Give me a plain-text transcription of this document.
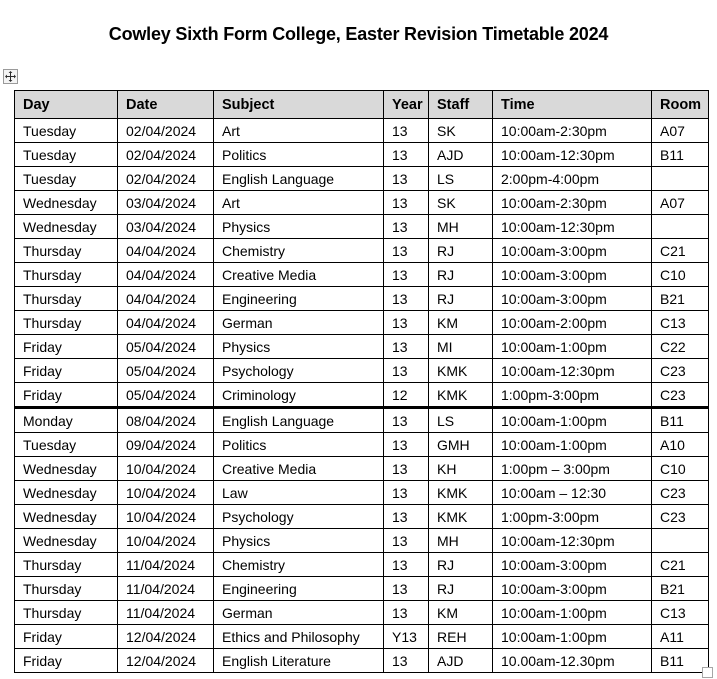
Cowley Sixth Form College, Easter Revision Timetable 2024
Day	Date	Subject	Year	Staff	Time	Room
Tuesday	02/04/2024	Art	13	SK	10:00am-2:30pm	A07
Tuesday	02/04/2024	Politics	13	AJD	10:00am-12:30pm	B11
Tuesday	02/04/2024	English Language	13	LS	2:00pm-4:00pm	
Wednesday	03/04/2024	Art	13	SK	10:00am-2:30pm	A07
Wednesday	03/04/2024	Physics	13	MH	10:00am-12:30pm	
Thursday	04/04/2024	Chemistry	13	RJ	10:00am-3:00pm	C21
Thursday	04/04/2024	Creative Media	13	RJ	10:00am-3:00pm	C10
Thursday	04/04/2024	Engineering	13	RJ	10:00am-3:00pm	B21
Thursday	04/04/2024	German	13	KM	10:00am-2:00pm	C13
Friday	05/04/2024	Physics	13	MI	10:00am-1:00pm	C22
Friday	05/04/2024	Psychology	13	KMK	10:00am-12:30pm	C23
Friday	05/04/2024	Criminology	12	KMK	1:00pm-3:00pm	C23
Monday	08/04/2024	English Language	13	LS	10:00am-1:00pm	B11
Tuesday	09/04/2024	Politics	13	GMH	10:00am-1:00pm	A10
Wednesday	10/04/2024	Creative Media	13	KH	1:00pm – 3:00pm	C10
Wednesday	10/04/2024	Law	13	KMK	10:00am – 12:30	C23
Wednesday	10/04/2024	Psychology	13	KMK	1:00pm-3:00pm	C23
Wednesday	10/04/2024	Physics	13	MH	10:00am-12:30pm	
Thursday	11/04/2024	Chemistry	13	RJ	10:00am-3:00pm	C21
Thursday	11/04/2024	Engineering	13	RJ	10:00am-3:00pm	B21
Thursday	11/04/2024	German	13	KM	10:00am-1:00pm	C13
Friday	12/04/2024	Ethics and Philosophy	Y13	REH	10:00am-1:00pm	A11
Friday	12/04/2024	English Literature	13	AJD	10.00am-12.30pm	B11
